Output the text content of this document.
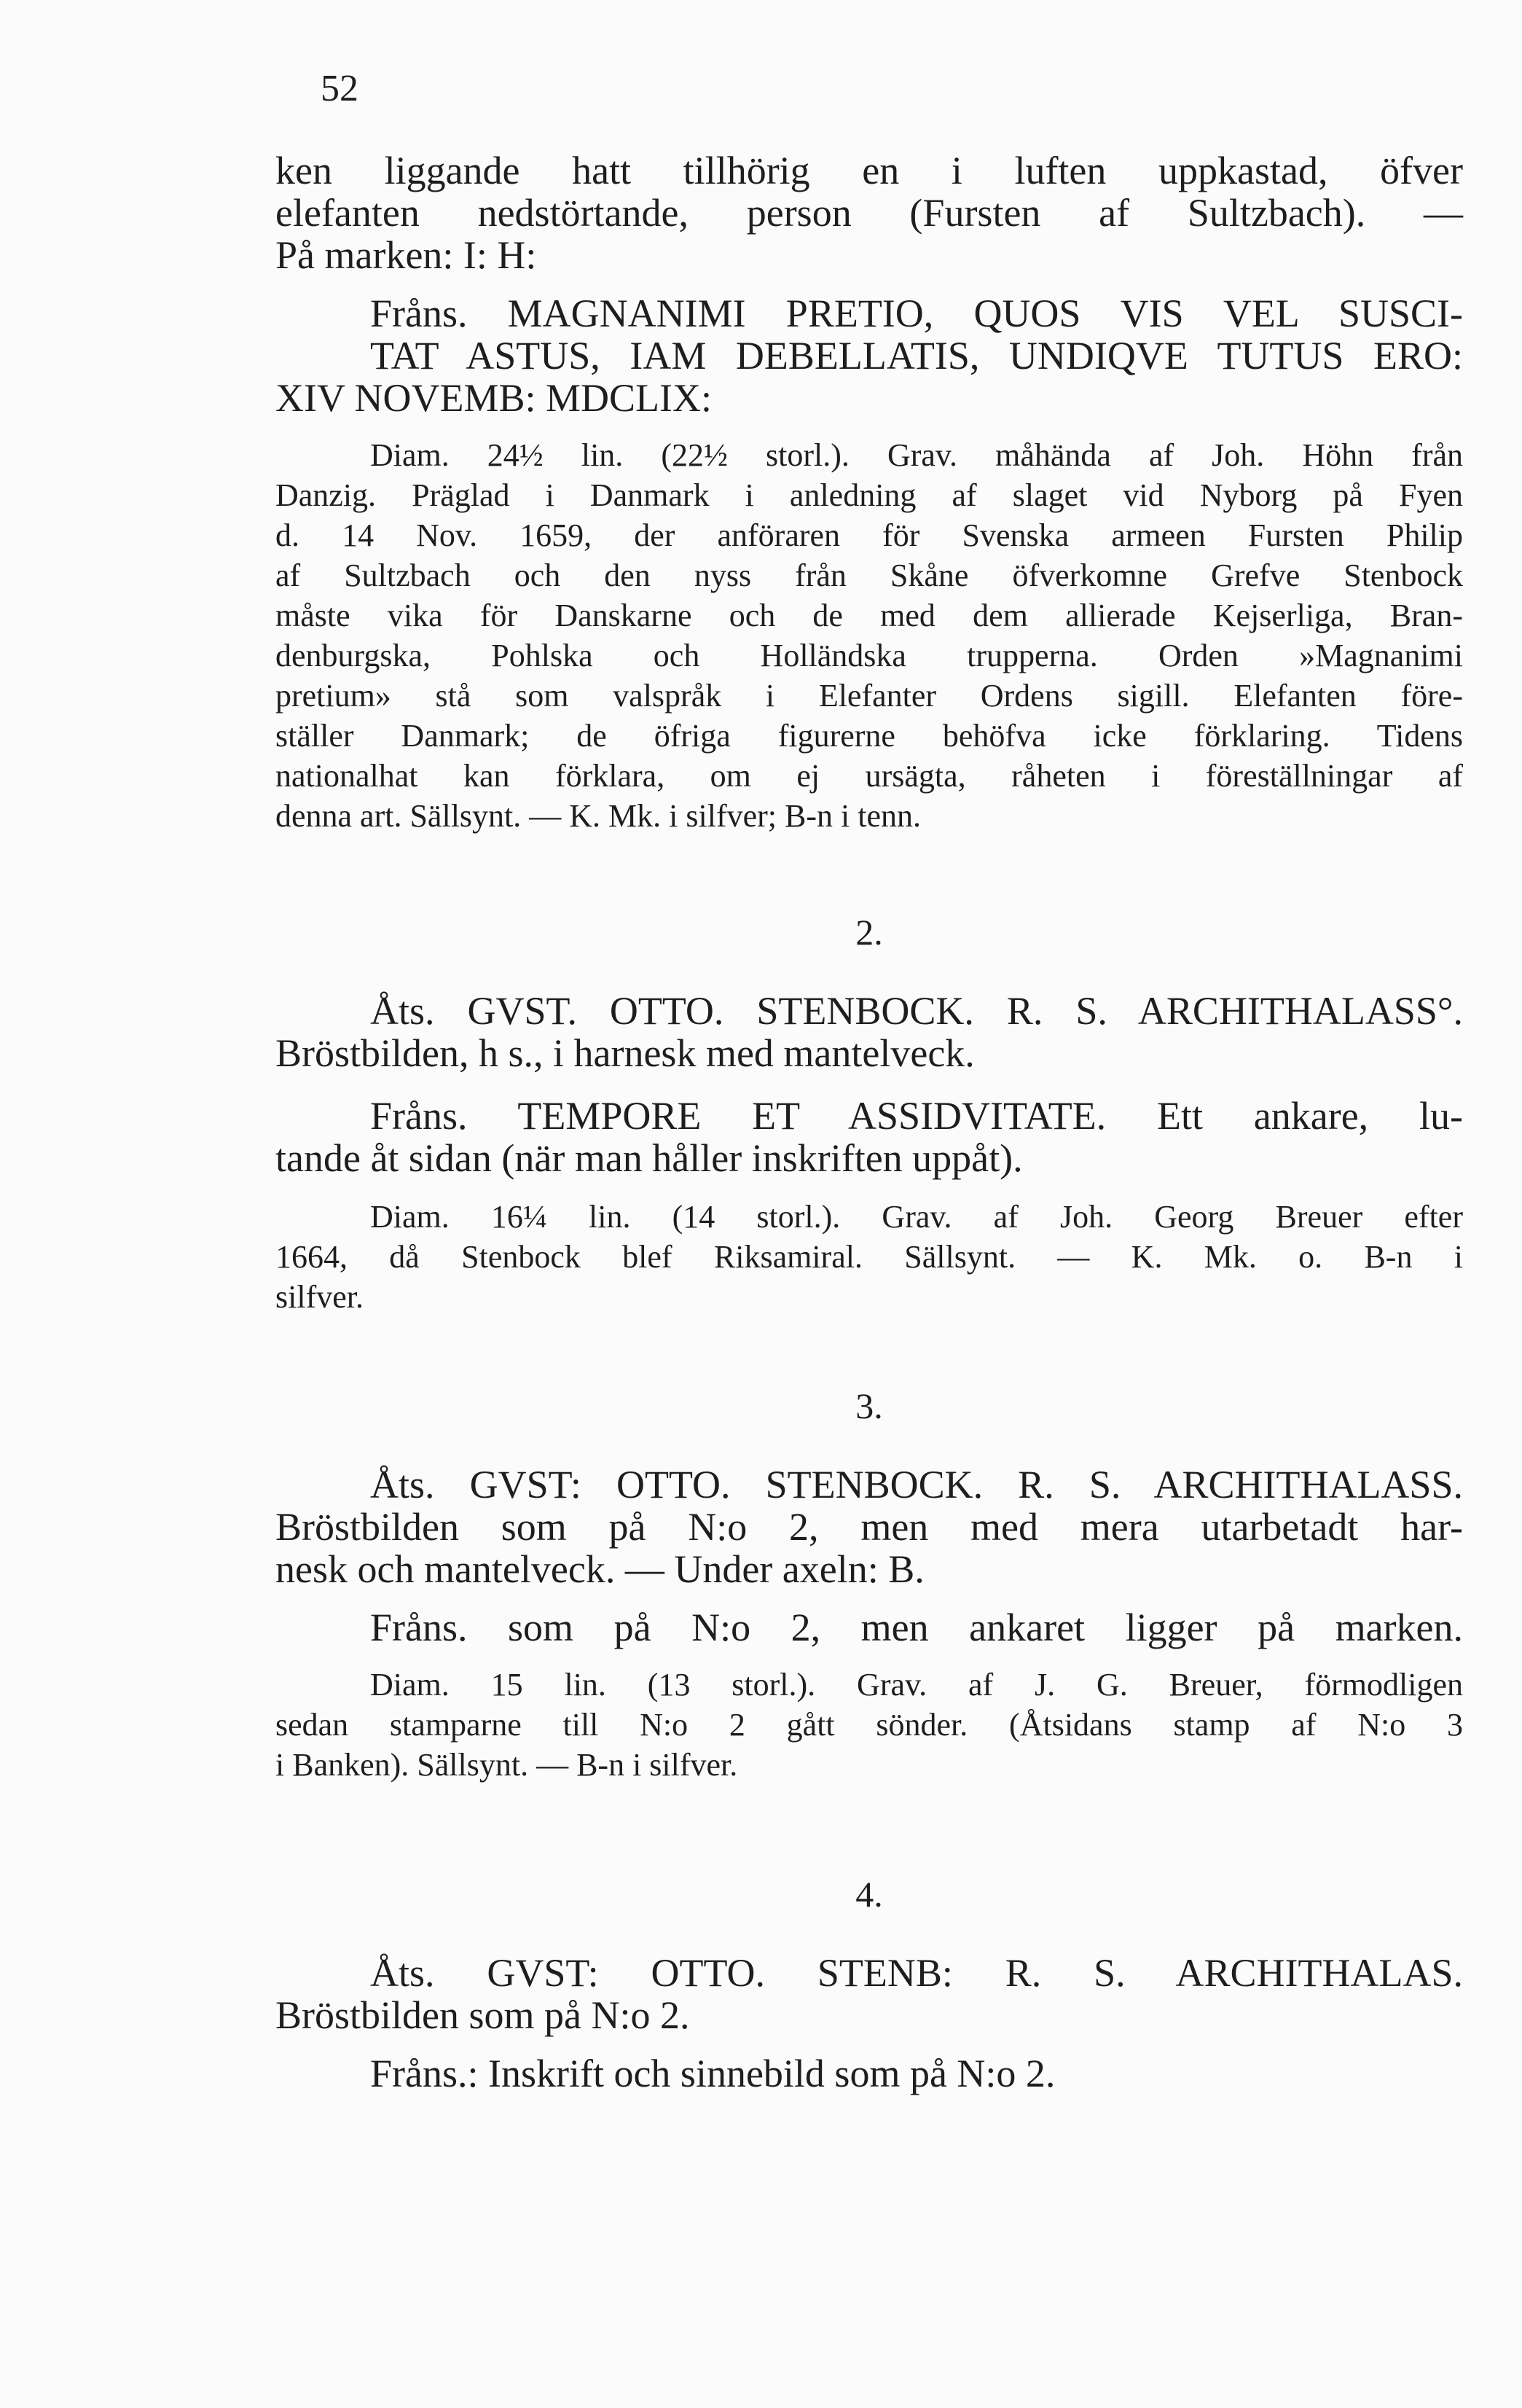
52

ken liggande hatt tillhörig en i luften uppkastad, öfver
elefanten nedstörtande, person (Fursten af Sultzbach). —

På marken: I: H:

Fråns. MAGNANIMI PRETIO, QUOS VIS VEL SUSCI-
TAT ASTUS, IAM DEBELLATIS, UNDIQVE TUTUS ERO:

XIV NOVEMB: MDCLIX:

Diam. 24½ lin. (22½ storl.). Grav. måhända af Joh. Höhn från

Danzig. Präglad i Danmark i anledning af slaget vid Nyborg på Fyen

d. 14 Nov. 1659, der anföraren för Svenska armeen Fursten Philip

af Sultzbach och den nyss från Skåne öfverkomne Grefve Stenbock

måste vika för Danskarne och de med dem allierade Kejserliga, Bran-

denburgska, Pohlska och Holländska trupperna. Orden »Magnanimi

pretium» stå som valspråk i Elefanter Ordens sigill. Elefanten före-

ställer Danmark; de öfriga figurerne behöfva icke förklaring. Tidens

nationalhat kan förklara, om ej ursägta, råheten i föreställningar af

denna art. Sällsynt. — K. Mk. i silfver; B-n i tenn.

2.

Åts. GVST. OTTO. STENBOCK. R. S. ARCHITHALASS°.

Bröstbilden, h s., i harnesk med mantelveck.

Fråns. TEMPORE ET ASSIDVITATE. Ett ankare, lu-

tande åt sidan (när man håller inskriften uppåt).

Diam. 16¼ lin. (14 storl.). Grav. af Joh. Georg Breuer efter

1664, då Stenbock blef Riksamiral. Sällsynt. — K. Mk. o. B-n i

silfver.

3.

Åts. GVST: OTTO. STENBOCK. R. S. ARCHITHALASS.

Bröstbilden som på N:o 2, men med mera utarbetadt har-

nesk och mantelveck. — Under axeln: B.

Fråns. som på N:o 2, men ankaret ligger på marken.

Diam. 15 lin. (13 storl.). Grav. af J. G. Breuer, förmodligen

sedan stamparne till N:o 2 gått sönder. (Åtsidans stamp af N:o 3

i Banken). Sällsynt. — B-n i silfver.

4.

Åts. GVST: OTTO. STENB: R. S. ARCHITHALAS.

Bröstbilden som på N:o 2.

Fråns.: Inskrift och sinnebild som på N:o 2.
